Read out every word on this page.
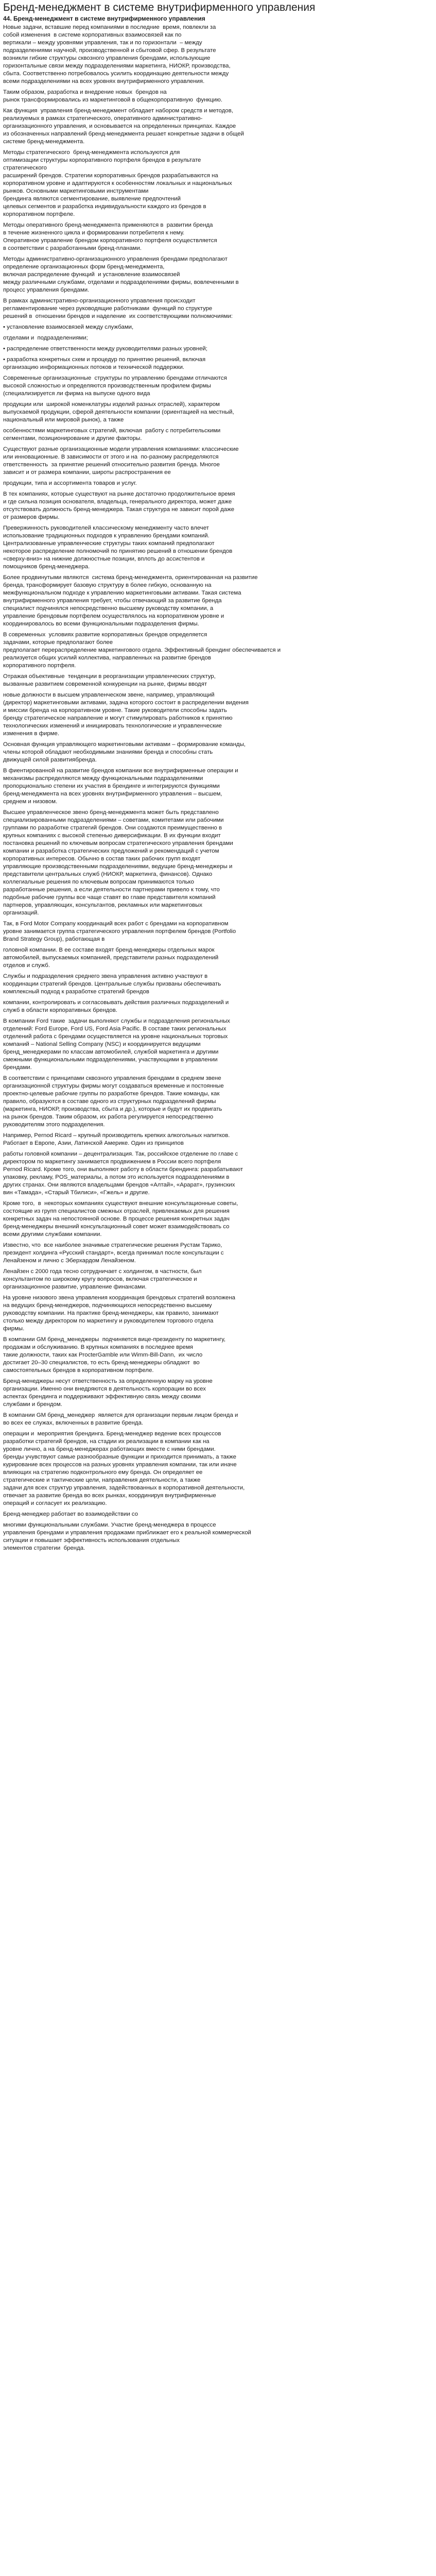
Бренд-менеджмент в системе внутрифирменного управления
44. Бренд-менеджмент в системе внутрифирменного управления

Новые задачи, вставшие перед компаниями в последние  время, повлекли за
собой изменения  в системе корпоративных взаимосвязей как по
вертикали – между уровнями управления, так и по горизонтали  – между
подразделениями научной, производственной и сбытовой сфер. В результате
возникли гибкие структуры сквозного управления брендами, использующие
горизонтальные связи между подразделениями маркетинга, НИОКР, производства,
сбыта. Соответственно потребовалось усилить координацию деятельности между
всеми подразделениями на всех уровнях внутрифирменного управления.

Таким образом, разработка и внедрение новых  брендов на
рынок трансформировались из маркетинговой в общекорпоративную  функцию.

Как функция  управления бренд-менеджмент обладает набором средств и методов,
реализуемых в рамках стратегического, оперативного административно-
организационного управления, и основывается на определенных принципах. Каждое
из обозначенных направлений бренд-менеджмента решает конкретные задачи в общей
системе бренд-менеджмента.

Методы стратегического  бренд-менеджмента используются для
оптимизации структуры корпоративного портфеля брендов в результате
стратегического
расширений брендов. Стратегии корпоративных брендов разрабатываются на
корпоративном уровне и адаптируются к особенностям локальных и национальных
рынков. Основными маркетинговыми инструментами
брендинга являются сегментирование, выявление предпочтений
целевых сегментов и разработка индивидуальности каждого из брендов в
корпоративном портфеле.

Методы оперативного бренд-менеджмента применяются в  развитии бренда
в течение жизненного цикла и формировании потребителя к нему.
Оперативное управление брендом корпоративного портфеля осуществляется
в соответствии с разработанными бренд-планами.

Методы административно-организационного управления брендами предполагают
определение организационных форм бренд-менеджмента,
включая распределение функций  и установление взаимосвязей
между различными службами, отделами и подразделениями фирмы, вовлеченными в
процесс управления брендами.

В рамках административно-организационного управления происходит
регламентирование через руководящие работниками  функций по структуре
решений в  отношении брендов и наделение  их соответствующими полномочиями:

• установление взаимосвязей между службами,

отделами и  подразделениями;

• распределение ответственности между руководителями разных уровней;

• разработка конкретных схем и процедур по принятию решений, включая
организацию информационных потоков и технической поддержки.

Современные организационные  структуры по управлению брендами отличаются
высокой сложностью и определяются производственным профилем фирмы
(специализируется ли фирма на выпуске одного вида

продукции или  широкой номенклатуры изделий разных отраслей), характером
выпускаемой продукции, сферой деятельности компании (ориентацией на местный,
национальный или мировой рынок), а также

особенностями маркетинговых стратегий, включая  работу с потребительскими
сегментами, позиционирование и другие факторы.

Существуют разные организационные модели управления компаниями: классические
или инновационные. В зависимости от этого и на  по-разному распределяются
ответственность  за принятие решений относительно развития бренда. Многое
зависит и от размера компании, широты распространения ее

продукции, типа и ассортимента товаров и услуг.

В тех компаниях, которые существуют на рынке достаточно продолжительное время
и где сильна позиция основателя, владельца, генерального директора, может даже
отсутствовать должность бренд-менеджера. Такая структура не зависит порой даже
от размеров фирмы.

Превержинность руководителей классическому менеджменту часто влечет
использование традиционных подходов к управлению брендами компаний.
Централизованные управленческие структуры таких компаний предполагают
некоторое распределение полномочий по принятию решений в отношении брендов
«сверху-вниз» на нижние должностные позиции, вплоть до ассистентов и
помощников бренд-менеджера.

Более продвинутыми являются  система бренд-менеджмента, ориентированная на развитие
бренда, трансформирует базовую структуру в более гибкую, основанную на
межфункциональном подходе к управлению маркетинговыми активами. Такая система
внутрифирменного управления требует, чтобы отвечающий за развитие бренда
специалист подчинялся непосредственно высшему руководству компании, а
управление брендовым портфелем осуществлялось на корпоративном уровне и
координировалось во всеми функциональными подразделения фирмы.

В современных  условиях развитие корпоративных брендов определяется
задачами, которые предполагают более
предполагает перераспределение маркетингового отдела. Эффективный брендинг обеспечивается и
реализуется общих усилий коллектива, направленных на развитие брендов
корпоративного портфеля.

Отражая объективные  тенденции в реорганизации управленческих структур,
вызванные развитием современной конкуренции на рынке, фирмы вводят

новые должности в высшем управленческом звене, например, управляющий
(директор) маркетинговыми активами, задача которого состоит в распределении видения
и миссии бренда на корпоративном уровне. Такие руководители способны задать
бренду стратегическое направление и могут стимулировать работников к принятию
технологических изменений и инициировать технологические и управленческие
изменения в фирме.

Основная функция управляющего маркетинговыми активами – формирование команды,
члены которой обладают необходимыми знаниями бренда и способны стать
движущей силой развитиябренда.

В фиентированной на развитие брендов компании все внутрифирменные операции и
механизмы распределяются между функциональными подразделениями
пропорционально степени их участия в брендинге и интегрируются функциями
бренд-менеджмента на всех уровнях внутрифирменного управления – высшем,
среднем и низовом.

Высшее управленческое звено бренд-менеджмента может быть представлено
специализированными подразделениями – советами, комитетами или рабочими
группами по разработке стратегий брендов. Они создаются преимущественно в
крупных компаниях с высокой степенью диверсификации. В их функции входит
постановка решений по ключевым вопросам стратегического управления брендами
компании и разработка стратегических предложений и рекомендаций с учетом
корпоративных интересов. Обычно в состав таких рабочих групп входят
управляющие производственными подразделениями, ведущие бренд-менеджеры и
представители центральных служб (НИОКР, маркетинга, финансов). Однако
коллегиальные решения по ключевым вопросам принимаются только
разработанные решения, а если деятельности партнерами привело к тому, что
подобные рабочие группы все чаще ставят во главе представителя компаний
партнеров, управляющих, консультантов, рекламных или маркетинговых
организаций.

Так, в Ford Motor Company координаций всех работ с брендами на корпоративном
уровне занимается группа стратегического управления портфелем брендов (Portfolio
Brand Strategy Group), работающая в

головной компании. В ее составе входят бренд-менеджеры отдельных марок
автомобилей, выпускаемых компанией, представители разных подразделений
отделов и служб.

Службы и подразделения среднего звена управления активно участвуют в
координации стратегий брендов. Центральные службы призваны обеспечивать
комплексный подход к разработке стратегий брендов

компании, контролировать и согласовывать действия различных подразделений и
служб в области корпоративных брендов.

В компании Ford такие  задачи выполняют службы и подразделения региональных
отделений: Ford Europe, Ford US, Ford Asia Pacific. В составе таких региональных
отделений работа с брендами осуществляется на уровне национальных торговых
компаний – National Selling Company (NSC) и координируется ведущими
бренд_менеджерами по классам автомобилей, службой маркетинга и другими
смежными функциональными подразделениями, участвующими в управлении
брендами.

В соответствии с принципами сквозного управления брендами в среднем звене
организационной структуры фирмы могут создаваться временные и постоянные
проектно-целевые рабочие группы по разработке брендов. Такие команды, как
правило, образуются в составе одного из структурных подразделений фирмы
(маркетинга, НИОКР, производства, сбыта и др.), которые и будут их продвигать
на рынок брендов. Таким образом, их работа регулируется непосредственно
руководителям этого подразделения.

Например, Pernod Ricard – крупный производитель крепких алкогольных напитков.
Работает в Европе, Азии, Латинской Америке. Один из принципов

работы головной компании – децентрализация. Так, российское отделение по главе с
директором по маркетингу занимается продвижением в России всего портфеля
Pernod Ricard. Кроме того, они выполняют работу в области брендинга: разрабатывают
упаковку, рекламу, POS_материалы, а потом это используется подразделениями в
других странах. Они являются владельцами брендов «Алтай», «Арарат», грузинских
вин «Тамада», «Старый Тбилиси», «Гжель» и другие.

Кроме того,  в  некоторых компаниях существуют внешние консультационные советы,
состоящие из групп специалистов смежных отраслей, привлекаемых для решения
конкретных задач на непостоянной основе. В процессе решения конкретных задач
бренд-менеджеры внешний консультационный совет может взаимодействовать со
всеми другими службами компании.

Известно, что  все наиболее значимые стратегические решения Рустам Тарико,
президент холдинга «Русский стандарт», всегда принимал после консультации с
Ленайзеном и лично с Эберхардом Ленайзеном.

Ленайзен с 2000 года тесно сотрудничает с холдингом, в частности, был
консультантом по широкому кругу вопросов, включая стратегическое и
организационное развитие, управление финансами.

На уровне низового звена управления координация брендовых стратегий возложена
на ведущих бренд-менеджеров, подчиняющихся непосредственно высшему
руководству компании. На практике бренд-менеджеры, как правило, занимают
столько между директором по маркетингу и руководителем торгового отдела
фирмы.

В компании GM бренд_менеджеры  подчиняется вице-президенту по маркетингу,
продажам и обслуживанию. В крупных компаниях в последнее время
такие должности, таких как ProcterGamble или Wimm-Bill-Dann,  их число
достигает 20–30 специалистов, то есть бренд-менеджеры обладают  во
самостоятельных брендов в корпоративном портфеле.

Бренд-менеджеры несут ответственность за определенную марку на уровне
организации. Именно они внедряются в деятельность корпорации во всех
аспектах брендинга и поддерживают эффективную связь между своими
службами и брендом.

В компании GM бренд_менеджер  является для организации первым лицом бренда и
во всех ее служах, включенных в развитие бренда.

операции и  мероприятия брендинга. Бренд-менеджер ведение всех процессов
разработки стратегий брендов, на стадии их реализации в компании как на
уровне лично, а на бренд-менеджерах работающих вместе с ними брендами.
бренды учувствуют самые разнообразные функции и приходится принимать, а также
курирование всех процессов на разных уровнях управления компании, так или иначе
влияющих на стратегию подконтрольного ему бренда. Он определяет ее
стратегические и тактические цели, направления деятельности, а также
задачи для всех структур управления, задействованных в корпоративной деятельности,
отвечает за развитие бренда во всех рынках, координируя внутрифирменные
операций и согласует их реализацию.

Бренд-менеджер работает во взаимодействии со

многими функциональными службами. Участие бренд-менеджера в процессе
управления брендами и управления продажами приближает его к реальной коммерческой
ситуации и повышает эффективность использования отдельных
элементов стратегии  бренда.
